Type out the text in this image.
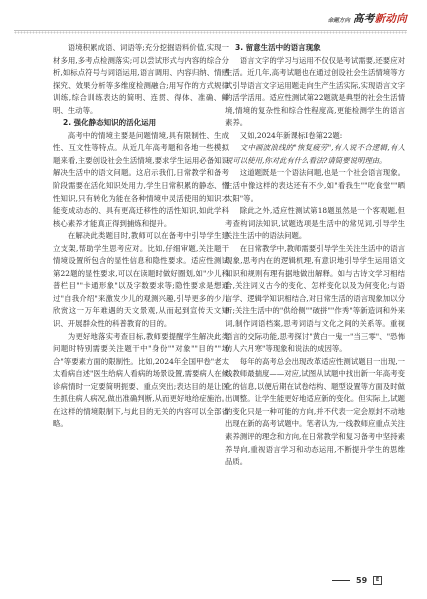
命题方向 高考新动向

语境积累成语、词语等;充分挖掘语料价值,实现一材多用,多考点检测落实;可以尝试形式与内容的综合分析,如标点符号与词语运用,语言调用、内容归纳、情感探究、效果分析等多维度检测融合;用写作的方式规律训练,综合训练表达的简明、连贯、得体、准确、鲜明、生动等。

2. 强化静态知识的活化运用

高考中的情境主要是问题情境,具有限制性、生成性、互文性等特点。从近几年高考题和各地一些模拟题来看,主要创设社会生活情境,要求学生运用必备知识解决生活中的语文问题。这启示我们,日常教学和备考阶段需要在活化知识处用力,学生日常积累的静态、惰性知识,只有转化为能在各种情境中灵活使用的知识才能变成动态的、具有更高迁移性的活性知识,如此学科核心素养才能真正得到捕炼和提升。

在解决此类题目时,教师可以在备考中引导学生建立支架,帮助学生思考应对。比如,仔细审题,关注题干情境设置所包含的显性信息和隐性要求。适应性测试第22题的显性要求,可以在读题时做好圈划,如"少儿科普栏目""卡通形象"以及字数要求等;隐性要求是想通过"自我介绍"来激发少儿的观测兴趣,引导更多的少儿欣赏这一万年难遇的天文景观,从而起到宣传天文知识、开展群众性的科普教育的目的。

为更好地落实考查目标,教师要提醒学生解决此类问题时特别需要关注题干中"身份""对象""目的""场合"等要素方面的限制性。比如,2024年全国甲卷"老太太看病自述"医生给病人看病的场景设置,需要病人在候诊病情时一定要简明扼要、重点突出;表达目的是让医生抓住病人病况,做出准确判断,从而更好地给症施治。在这样的情境限制下,与此目的无关的内容可以全部省略。

3. 留意生活中的语言现象

语言文字的学习与运用不仅仅是考试需要,还要应对生活。近几年,高考试题也在通过创设社会生活情境等方式引导语言文字运用题走向生产生活实际,实现语言文字的活学活用。适应性测试第22题就是典型的社会生活情境,情境的复杂性和综合性程度高,更能检测学生的语言素养。

又如,2024年新课标Ⅰ卷第22题:

文中画波浪线的"恢复疲劳",有人说不合逻辑,有人说可以使用,你对此有什么看法?请简要说明理由。

这道题既是一个语法问题,也是一个社会语言现象。生活中像这样的表达还有不少,如"看我生""吃食堂""晒太阳"等。

除此之外,适应性测试第18题虽然是一个客观题,但考查构词法知识,试题选项是生活中的常见词,引导学生关注生活中的语法问题。

在日常教学中,教师需要引导学生关注生活中的语言现象,思考内在的逻辑机理,有意识地引导学生运用语文知识和规则有理有据地做出解释。如与古诗文学习相结合,关注词义古今的变化、怎样变化以及为何变化;与语言学、逻辑学知识相结合,对日常生活的语言现象加以分析;关注生活中的"供给侧""破拼""作秀"等新造词和外来词,制作词语档案,思考词语与文化之间的关系等。重视语言的交际功能,思考探讨"黄白一鬼一"当三零"、"恐怖仿人六月寒"等现象和说法的成因等。

每年的高考总会出现改革适应性测试题目一出现,一线教师最揣度——对应,试图从试题中找出新一年高考变化的信息,以便后期在试卷结构、题型设置等方面及时做出调整。让学生能更好地适应新的变化。但实际上,试题的变化只是一种可能的方向,并不代表一定会原封不动地出现在新的高考试题中。笔者认为,一线教师应重点关注素养测评的理念和方向,在日常教学和复习备考中坚持素养导向,重视语言学习和动态运用,不断提升学生的思维品质。

59	E
